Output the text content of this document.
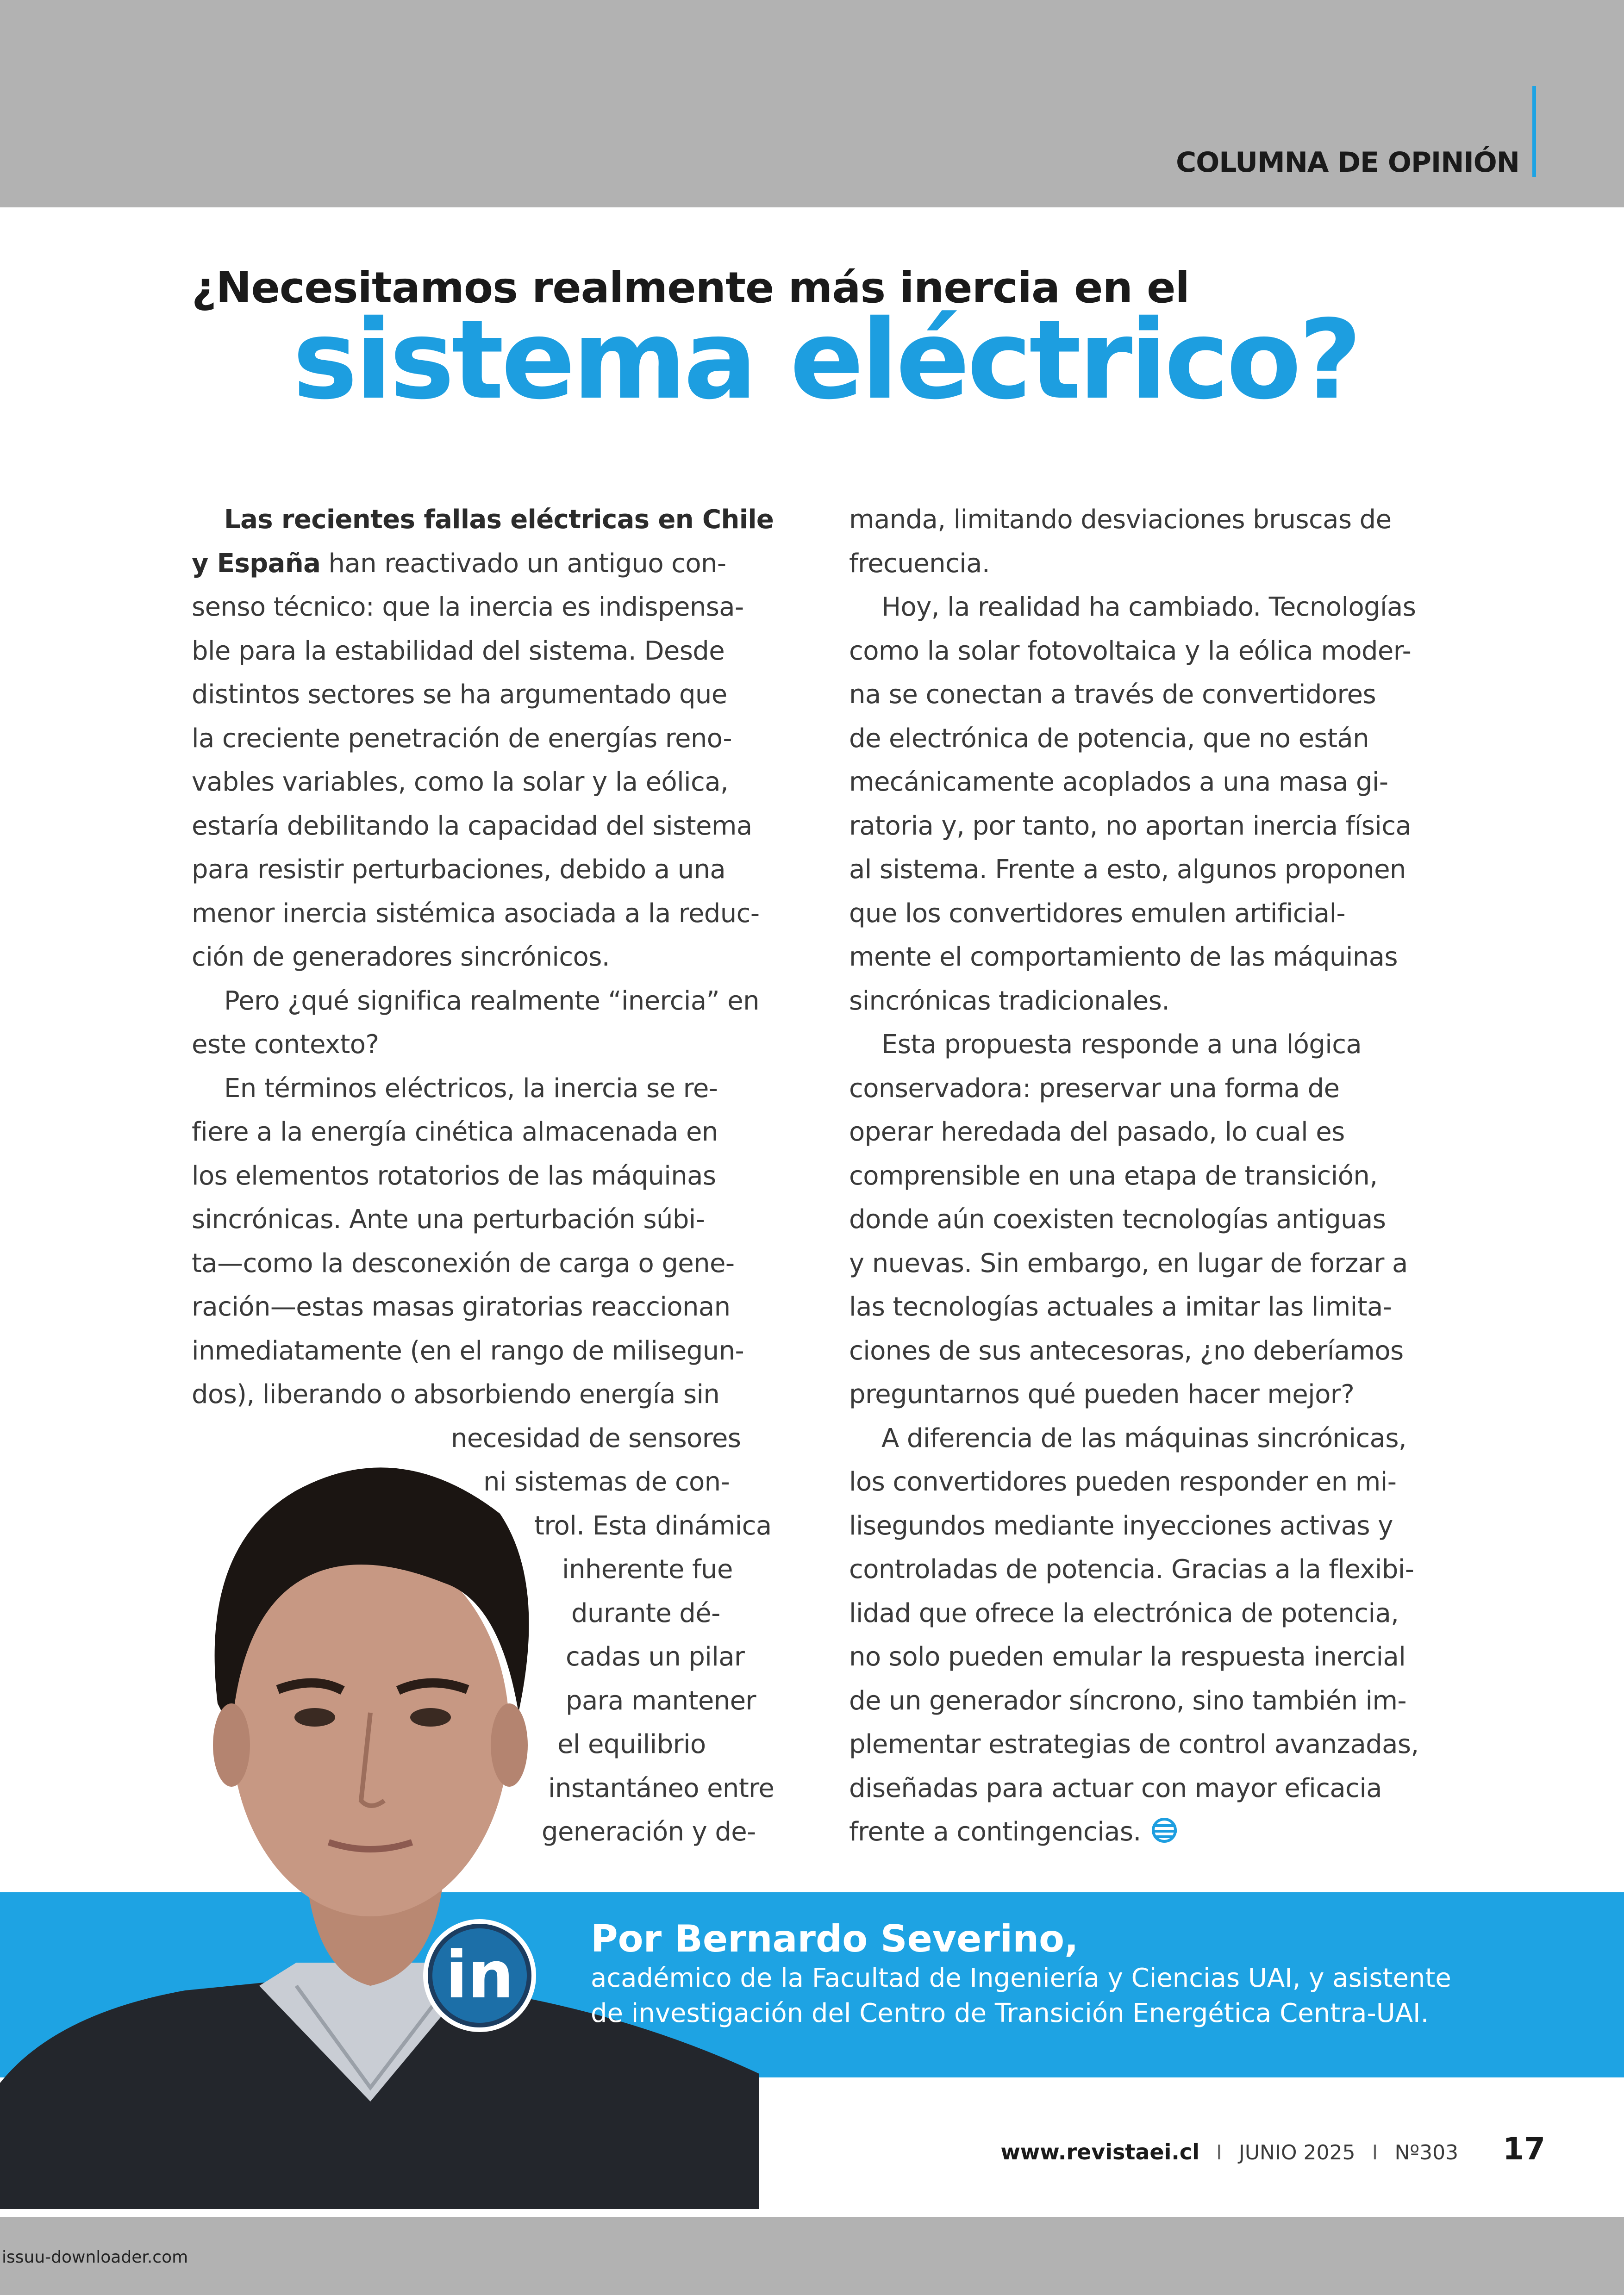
COLUMNA DE OPINIÓN
¿Necesitamos realmente más inercia en el
sistema eléctrico?
Las recientes fallas eléctricas en Chile
y España han reactivado un antiguo con-
senso técnico: que la inercia es indispensa-
ble para la estabilidad del sistema. Desde
distintos sectores se ha argumentado que
la creciente penetración de energías reno-
vables variables, como la solar y la eólica,
estaría debilitando la capacidad del sistema
para resistir perturbaciones, debido a una
menor inercia sistémica asociada a la reduc-
ción de generadores sincrónicos.
Pero ¿qué significa realmente “inercia” en
este contexto?
En términos eléctricos, la inercia se re-
fiere a la energía cinética almacenada en
los elementos rotatorios de las máquinas
sincrónicas. Ante una perturbación súbi-
ta—como la desconexión de carga o gene-
ración—estas masas giratorias reaccionan
inmediatamente (en el rango de milisegun-
dos), liberando o absorbiendo energía sin
necesidad de sensores
ni sistemas de con-
trol. Esta dinámica
inherente fue
durante dé-
cadas un pilar
para mantener
el equilibrio
instantáneo entre
generación y de-
manda, limitando desviaciones bruscas de
frecuencia.
Hoy, la realidad ha cambiado. Tecnologías
como la solar fotovoltaica y la eólica moder-
na se conectan a través de convertidores
de electrónica de potencia, que no están
mecánicamente acoplados a una masa gi-
ratoria y, por tanto, no aportan inercia física
al sistema. Frente a esto, algunos proponen
que los convertidores emulen artificial-
mente el comportamiento de las máquinas
sincrónicas tradicionales.
Esta propuesta responde a una lógica
conservadora: preservar una forma de
operar heredada del pasado, lo cual es
comprensible en una etapa de transición,
donde aún coexisten tecnologías antiguas
y nuevas. Sin embargo, en lugar de forzar a
las tecnologías actuales a imitar las limita-
ciones de sus antecesoras, ¿no deberíamos
preguntarnos qué pueden hacer mejor?
A diferencia de las máquinas sincrónicas,
los convertidores pueden responder en mi-
lisegundos mediante inyecciones activas y
controladas de potencia. Gracias a la flexibi-
lidad que ofrece la electrónica de potencia,
no solo pueden emular la respuesta inercial
de un generador síncrono, sino también im-
plementar estrategias de control avanzadas,
diseñadas para actuar con mayor eficacia
frente a contingencias.
in	Por Bernardo Severino,
académico de la Facultad de Ingeniería y Ciencias UAI, y asistente
de investigación del Centro de Transición Energética Centra-UAI.
www.revistaei.cl I JUNIO 2025 I Nº303 17
issuu-downloader.com
